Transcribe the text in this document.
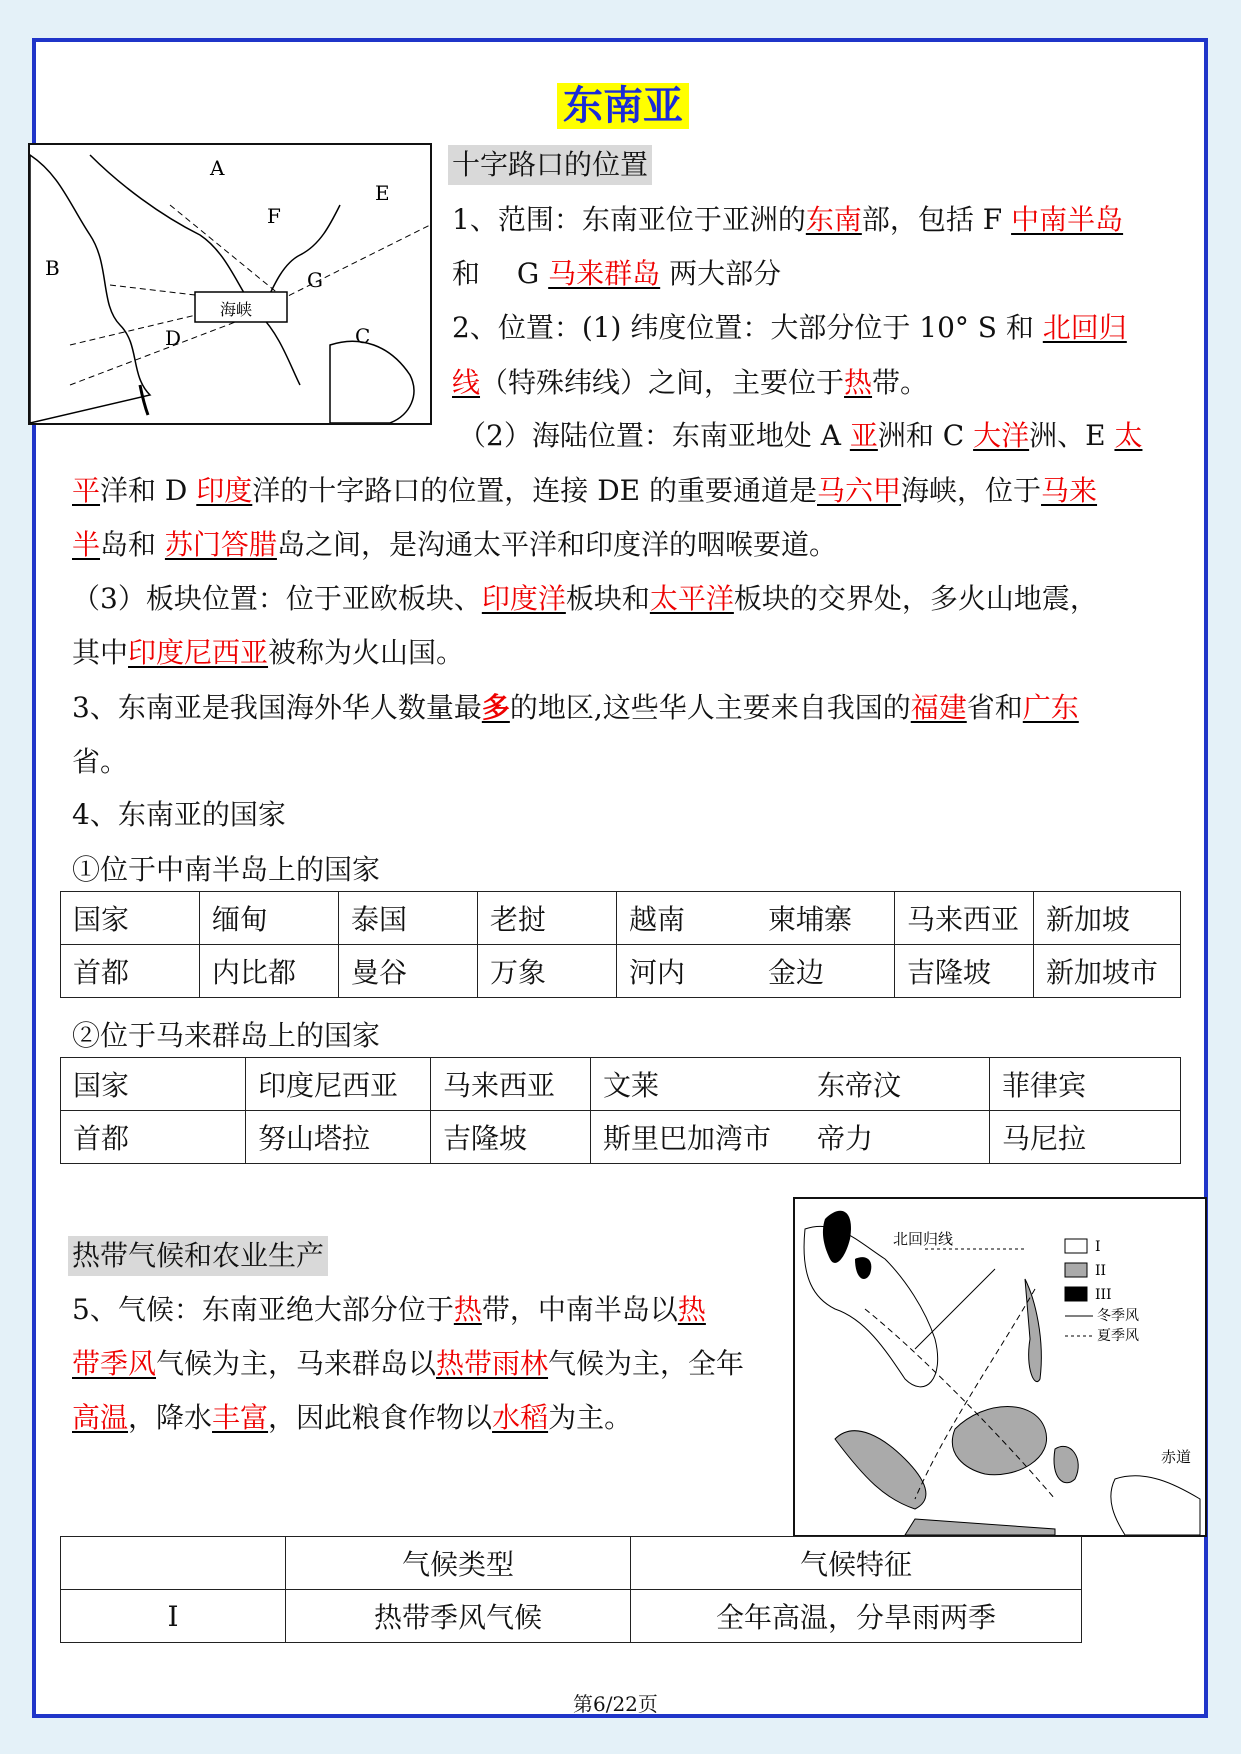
东南亚
A
B
C
D
E
F
G
海峡
十字路口的位置
1、范围：东南亚位于亚洲的东南部，包括 F 中南半岛
和　 G 马来群岛 两大部分
2、位置：(1) 纬度位置：大部分位于 10° S 和 北回归
线（特殊纬线）之间，主要位于热带。
（2）海陆位置：东南亚地处 A 亚洲和 C 大洋洲、E 太
平洋和 D 印度洋的十字路口的位置，连接 DE 的重要通道是马六甲海峡，位于马来
半岛和 苏门答腊岛之间，是沟通太平洋和印度洋的咽喉要道。
（3）板块位置：位于亚欧板块、印度洋板块和太平洋板块的交界处，多火山地震，
其中印度尼西亚被称为火山国。
3、东南亚是我国海外华人数量最多的地区,这些华人主要来自我国的福建省和广东
省。
4、东南亚的国家
①位于中南半岛上的国家
国家	缅甸	泰国	老挝	越南	柬埔寨	马来西亚	新加坡
首都	内比都	曼谷	万象	河内	金边	吉隆坡	新加坡市
②位于马来群岛上的国家
国家	印度尼西亚	马来西亚	文莱	东帝汶	菲律宾
首都	努山塔拉	吉隆坡	斯里巴加湾市	帝力	马尼拉
热带气候和农业生产
5、气候：东南亚绝大部分位于热带，中南半岛以热
带季风气候为主，马来群岛以热带雨林气候为主，全年
高温，降水丰富，因此粮食作物以水稻为主。
北回归线
赤道
I
II
III
冬季风
夏季风
	气候类型	气候特征
I	热带季风气候	全年高温，分旱雨两季
第6/22页
